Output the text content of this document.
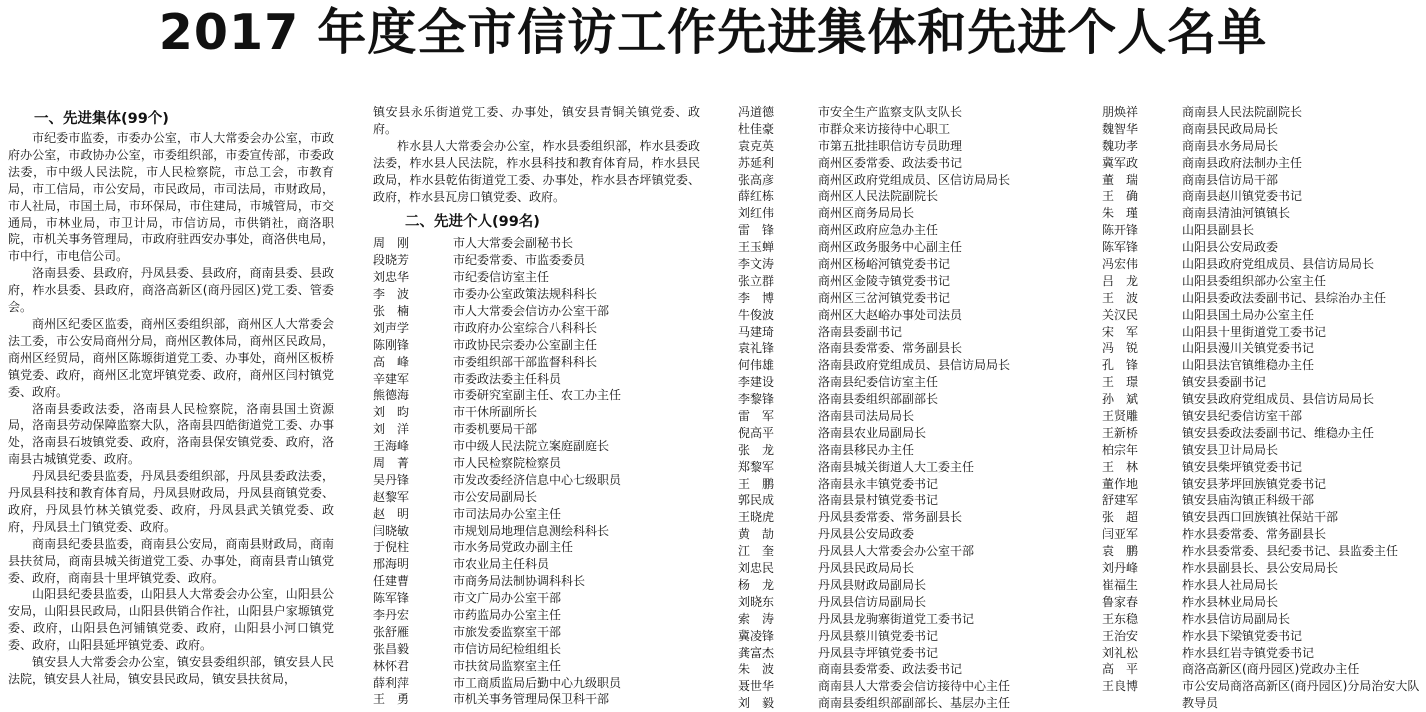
2017 年度全市信访工作先进集体和先进个人名单
一、先进集体(99个)

市纪委市监委，市委办公室，市人大常委会办公室，市政府办公室，市政协办公室，市委组织部，市委宣传部，市委政法委，市中级人民法院，市人民检察院，市总工会，市教育局，市工信局，市公安局，市民政局，市司法局，市财政局，市人社局，市国土局，市环保局，市住建局，市城管局，市交通局，市林业局，市卫计局，市信访局，市供销社，商洛职院，市机关事务管理局，市政府驻西安办事处，商洛供电局，市中行，市电信公司。

洛南县委、县政府，丹凤县委、县政府，商南县委、县政府，柞水县委、县政府，商洛高新区(商丹园区)党工委、管委会。

商州区纪委区监委，商州区委组织部，商州区人大常委会法工委，市公安局商州分局，商州区教体局，商州区民政局，商州区经贸局，商州区陈塬街道党工委、办事处，商州区板桥镇党委、政府，商州区北宽坪镇党委、政府，商州区闫村镇党委、政府。

洛南县委政法委，洛南县人民检察院，洛南县国土资源局，洛南县劳动保障监察大队，洛南县四皓街道党工委、办事处，洛南县石坡镇党委、政府，洛南县保安镇党委、政府，洛南县古城镇党委、政府。

丹凤县纪委县监委，丹凤县委组织部，丹凤县委政法委，丹凤县科技和教育体育局，丹凤县财政局，丹凤县商镇党委、政府，丹凤县竹林关镇党委、政府，丹凤县武关镇党委、政府，丹凤县土门镇党委、政府。

商南县纪委县监委，商南县公安局，商南县财政局，商南县扶贫局，商南县城关街道党工委、办事处，商南县青山镇党委、政府，商南县十里坪镇党委、政府。

山阳县纪委县监委，山阳县人大常委会办公室，山阳县公安局，山阳县民政局，山阳县供销合作社，山阳县户家塬镇党委、政府，山阳县色河铺镇党委、政府，山阳县小河口镇党委、政府，山阳县延坪镇党委、政府。

镇安县人大常委会办公室，镇安县委组织部，镇安县人民法院，镇安县人社局，镇安县民政局，镇安县扶贫局，

镇安县永乐街道党工委、办事处，镇安县青铜关镇党委、政府。

柞水县人大常委会办公室，柞水县委组织部，柞水县委政法委，柞水县人民法院，柞水县科技和教育体育局，柞水县民政局，柞水县乾佑街道党工委、办事处，柞水县杏坪镇党委、政府，柞水县瓦房口镇党委、政府。

二、先进个人(99名)
周　刚	市人大常委会副秘书长
段晓芳	市纪委常委、市监委委员
刘忠华	市纪委信访室主任
李　波	市委办公室政策法规科科长
张　楠	市人大常委会信访办公室干部
刘声学	市政府办公室综合八科科长
陈刚锋	市政协民宗委办公室副主任
高　峰	市委组织部干部监督科科长
辛建军	市委政法委主任科员
熊德海	市委研究室副主任、农工办主任
刘　昀	市干休所副所长
刘　洋	市委机要局干部
王海峰	市中级人民法院立案庭副庭长
周　菁	市人民检察院检察员
吴丹锋	市发改委经济信息中心七级职员
赵黎军	市公安局副局长
赵　明	市司法局办公室主任
闫晓敏	市规划局地理信息测绘科科长
于倪柱	市水务局党政办副主任
邢海明	市农业局主任科员
任建曹	市商务局法制协调科科长
陈军锋	市文广局办公室干部
李丹宏	市药监局办公室主任
张舒雁	市旅发委监察室干部
张昌毅	市信访局纪检组组长
林怀君	市扶贫局监察室主任
薛利萍	市工商质监局后勤中心九级职员
王　勇	市机关事务管理局保卫科干部
冯道德	市安全生产监察支队支队长
杜佳豪	市群众来访接待中心职工
袁克英	市第五批挂职信访专员助理
苏延利	商州区委常委、政法委书记
张高彦	商州区政府党组成员、区信访局局长
薛红栋	商州区人民法院副院长
刘红伟	商州区商务局局长
雷　锋	商州区政府应急办主任
王玉蝉	商州区政务服务中心副主任
李文涛	商州区杨峪河镇党委书记
张立群	商州区金陵寺镇党委书记
李　博	商州区三岔河镇党委书记
牛俊波	商州区大赵峪办事处司法员
马建琦	洛南县委副书记
袁礼锋	洛南县委常委、常务副县长
何伟雄	洛南县政府党组成员、县信访局局长
李建设	洛南县纪委信访室主任
李黎锋	洛南县委组织部副部长
雷　军	洛南县司法局局长
倪高平	洛南县农业局副局长
张　龙	洛南县移民办主任
郑黎军	洛南县城关街道人大工委主任
王　鹏	洛南县永丰镇党委书记
郭民成	洛南县景村镇党委书记
王晓虎	丹凤县委常委、常务副县长
黄　劼	丹凤县公安局政委
江　奎	丹凤县人大常委会办公室干部
刘忠民	丹凤县民政局局长
杨　龙	丹凤县财政局副局长
刘晓东	丹凤县信访局副局长
索　涛	丹凤县龙驹寨街道党工委书记
冀凌锋	丹凤县蔡川镇党委书记
龚富杰	丹凤县寺坪镇党委书记
朱　波	商南县委常委、政法委书记
聂世华	商南县人大常委会信访接待中心主任
刘　毅	商南县委组织部副部长、基层办主任
朋焕祥	商南县人民法院副院长
魏智华	商南县民政局局长
魏功孝	商南县水务局局长
冀军政	商南县政府法制办主任
董　瑞	商南县信访局干部
王　确	商南县赵川镇党委书记
朱　瑾	商南县清油河镇镇长
陈开锋	山阳县副县长
陈军锋	山阳县公安局政委
冯宏伟	山阳县政府党组成员、县信访局局长
吕　龙	山阳县委组织部办公室主任
王　波	山阳县委政法委副书记、县综治办主任
关汉民	山阳县国土局办公室主任
宋　军	山阳县十里街道党工委书记
冯　锐	山阳县漫川关镇党委书记
孔　锋	山阳县法官镇维稳办主任
王　璟	镇安县委副书记
孙　斌	镇安县政府党组成员、县信访局局长
王贤雕	镇安县纪委信访室干部
王新桥	镇安县委政法委副书记、维稳办主任
柏宗年	镇安县卫计局局长
王　林	镇安县柴坪镇党委书记
董作地	镇安县茅坪回族镇党委书记
舒建军	镇安县庙沟镇正科级干部
张　超	镇安县西口回族镇社保站干部
闫亚军	柞水县委常委、常务副县长
袁　鹏	柞水县委常委、县纪委书记、县监委主任
刘丹峰	柞水县副县长、县公安局局长
崔福生	柞水县人社局局长
鲁家春	柞水县林业局局长
王东稳	柞水县信访局副局长
王治安	柞水县下梁镇党委书记
刘礼松	柞水县红岩寺镇党委书记
高　平	商洛高新区(商丹园区)党政办主任
王良博	市公安局商洛高新区(商丹园区)分局治安大队教导员
